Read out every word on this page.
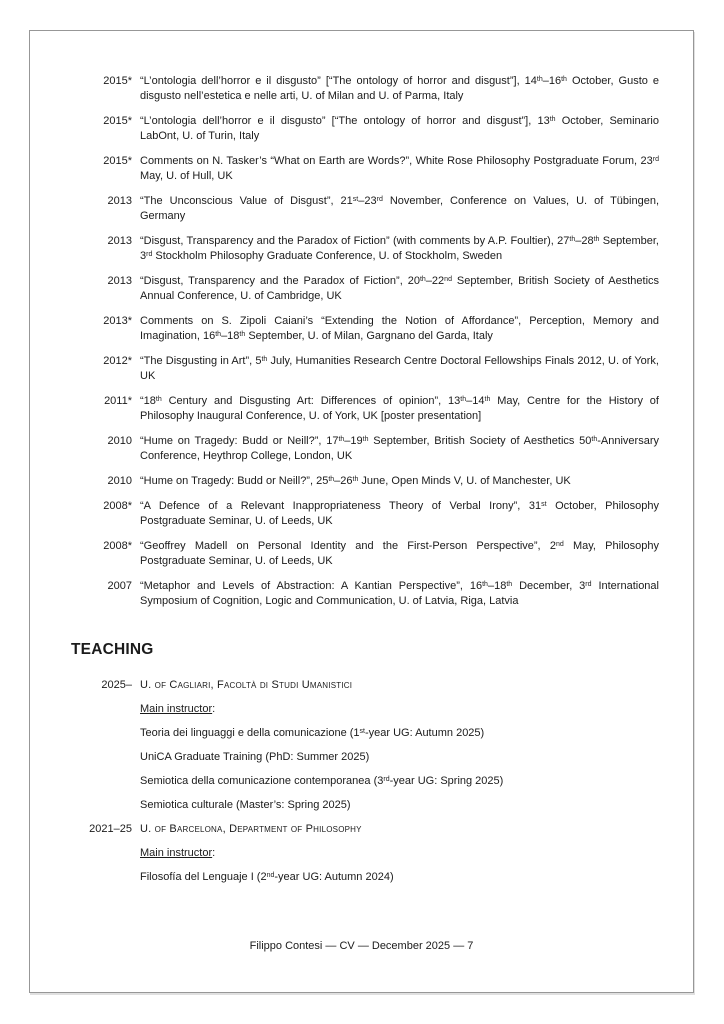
2015* “L’ontologia dell’horror e il disgusto” [“The ontology of horror and disgust”], 14th–16th October, Gusto e disgusto nell’estetica e nelle arti, U. of Milan and U. of Parma, Italy
2015* “L’ontologia dell’horror e il disgusto” [“The ontology of horror and disgust”], 13th October, Seminario LabOnt, U. of Turin, Italy
2015* Comments on N. Tasker’s “What on Earth are Words?”, White Rose Philosophy Postgraduate Forum, 23rd May, U. of Hull, UK
2013 “The Unconscious Value of Disgust”, 21st–23rd November, Conference on Values, U. of Tübingen, Germany
2013 “Disgust, Transparency and the Paradox of Fiction” (with comments by A.P. Foultier), 27th–28th September, 3rd Stockholm Philosophy Graduate Conference, U. of Stockholm, Sweden
2013 “Disgust, Transparency and the Paradox of Fiction”, 20th–22nd September, British Society of Aesthetics Annual Conference, U. of Cambridge, UK
2013* Comments on S. Zipoli Caiani’s “Extending the Notion of Affordance”, Perception, Memory and Imagination, 16th–18th September, U. of Milan, Gargnano del Garda, Italy
2012* “The Disgusting in Art”, 5th July, Humanities Research Centre Doctoral Fellowships Finals 2012, U. of York, UK
2011* “18th Century and Disgusting Art: Differences of opinion”, 13th–14th May, Centre for the History of Philosophy Inaugural Conference, U. of York, UK [poster presentation]
2010 “Hume on Tragedy: Budd or Neill?”, 17th–19th September, British Society of Aesthetics 50th-Anniversary Conference, Heythrop College, London, UK
2010 “Hume on Tragedy: Budd or Neill?”, 25th–26th June, Open Minds V, U. of Manchester, UK
2008* “A Defence of a Relevant Inappropriateness Theory of Verbal Irony”, 31st October, Philosophy Postgraduate Seminar, U. of Leeds, UK
2008* “Geoffrey Madell on Personal Identity and the First-Person Perspective”, 2nd May, Philosophy Postgraduate Seminar, U. of Leeds, UK
2007 “Metaphor and Levels of Abstraction: A Kantian Perspective”, 16th–18th December, 3rd International Symposium of Cognition, Logic and Communication, U. of Latvia, Riga, Latvia
TEACHING
2025– U. of Cagliari, Facoltà di Studi Umanistici
Main instructor:
Teoria dei linguaggi e della comunicazione (1st-year UG: Autumn 2025)
UniCA Graduate Training (PhD: Summer 2025)
Semiotica della comunicazione contemporanea (3rd-year UG: Spring 2025)
Semiotica culturale (Master’s: Spring 2025)
2021–25 U. of Barcelona, Department of Philosophy
Main instructor:
Filosofía del Lenguaje I (2nd-year UG: Autumn 2024)
Filippo Contesi — CV — December 2025 — 7
